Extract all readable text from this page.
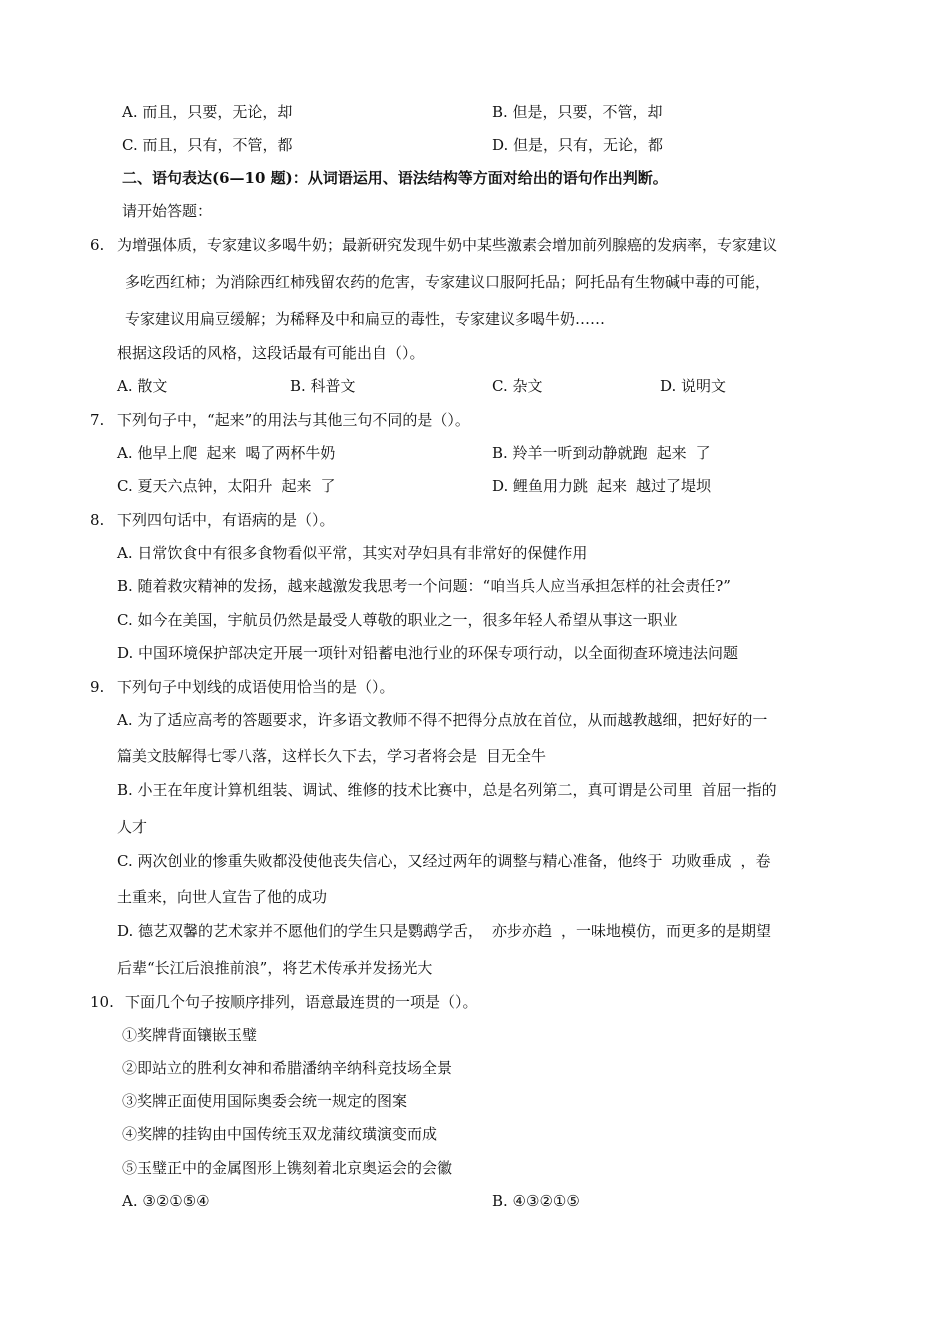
A. 而且，只要，无论，却	B. 但是，只要，不管，却
C. 而且，只有，不管，都	D. 但是，只有，无论，都
二、语句表达(6—10 题)：从词语运用、语法结构等方面对给出的语句作出判断。
请开始答题：
6. 为增强体质，专家建议多喝牛奶；最新研究发现牛奶中某些激素会增加前列腺癌的发病率，专家建议
多吃西红柿；为消除西红柿残留农药的危害，专家建议口服阿托品；阿托品有生物碱中毒的可能，
专家建议用扁豆缓解；为稀释及中和扁豆的毒性，专家建议多喝牛奶……
根据这段话的风格，这段话最有可能出自（）。
A. 散文	B. 科普文	C. 杂文	D. 说明文
7. 下列句子中，“起来”的用法与其他三句不同的是（）。
A. 他早上爬 起来 喝了两杯牛奶	B. 羚羊一听到动静就跑 起来 了
C. 夏天六点钟，太阳升 起来 了	D. 鲤鱼用力跳 起来 越过了堤坝
8. 下列四句话中，有语病的是（）。
A. 日常饮食中有很多食物看似平常，其实对孕妇具有非常好的保健作用
B. 随着救灾精神的发扬，越来越激发我思考一个问题：“咱当兵人应当承担怎样的社会责任?”
C. 如今在美国，宇航员仍然是最受人尊敬的职业之一，很多年轻人希望从事这一职业
D. 中国环境保护部决定开展一项针对铅蓄电池行业的环保专项行动，以全面彻查环境违法问题
9. 下列句子中划线的成语使用恰当的是（）。
A. 为了适应高考的答题要求，许多语文教师不得不把得分点放在首位，从而越教越细，把好好的一
篇美文肢解得七零八落，这样长久下去，学习者将会是 目无全牛
B. 小王在年度计算机组装、调试、维修的技术比赛中，总是名列第二，真可谓是公司里 首屈一指的
人才
C. 两次创业的惨重失败都没使他丧失信心，又经过两年的调整与精心准备，他终于 功败垂成 ，卷
土重来，向世人宣告了他的成功
D. 德艺双馨的艺术家并不愿他们的学生只是鹦鹉学舌， 亦步亦趋 ，一味地模仿，而更多的是期望
后辈“长江后浪推前浪”，将艺术传承并发扬光大
10. 下面几个句子按顺序排列，语意最连贯的一项是（）。
①奖牌背面镶嵌玉璧
②即站立的胜利女神和希腊潘纳辛纳科竞技场全景
③奖牌正面使用国际奥委会统一规定的图案
④奖牌的挂钩由中国传统玉双龙蒲纹璜演变而成
⑤玉璧正中的金属图形上镌刻着北京奥运会的会徽
A. ③②①⑤④	B. ④③②①⑤
